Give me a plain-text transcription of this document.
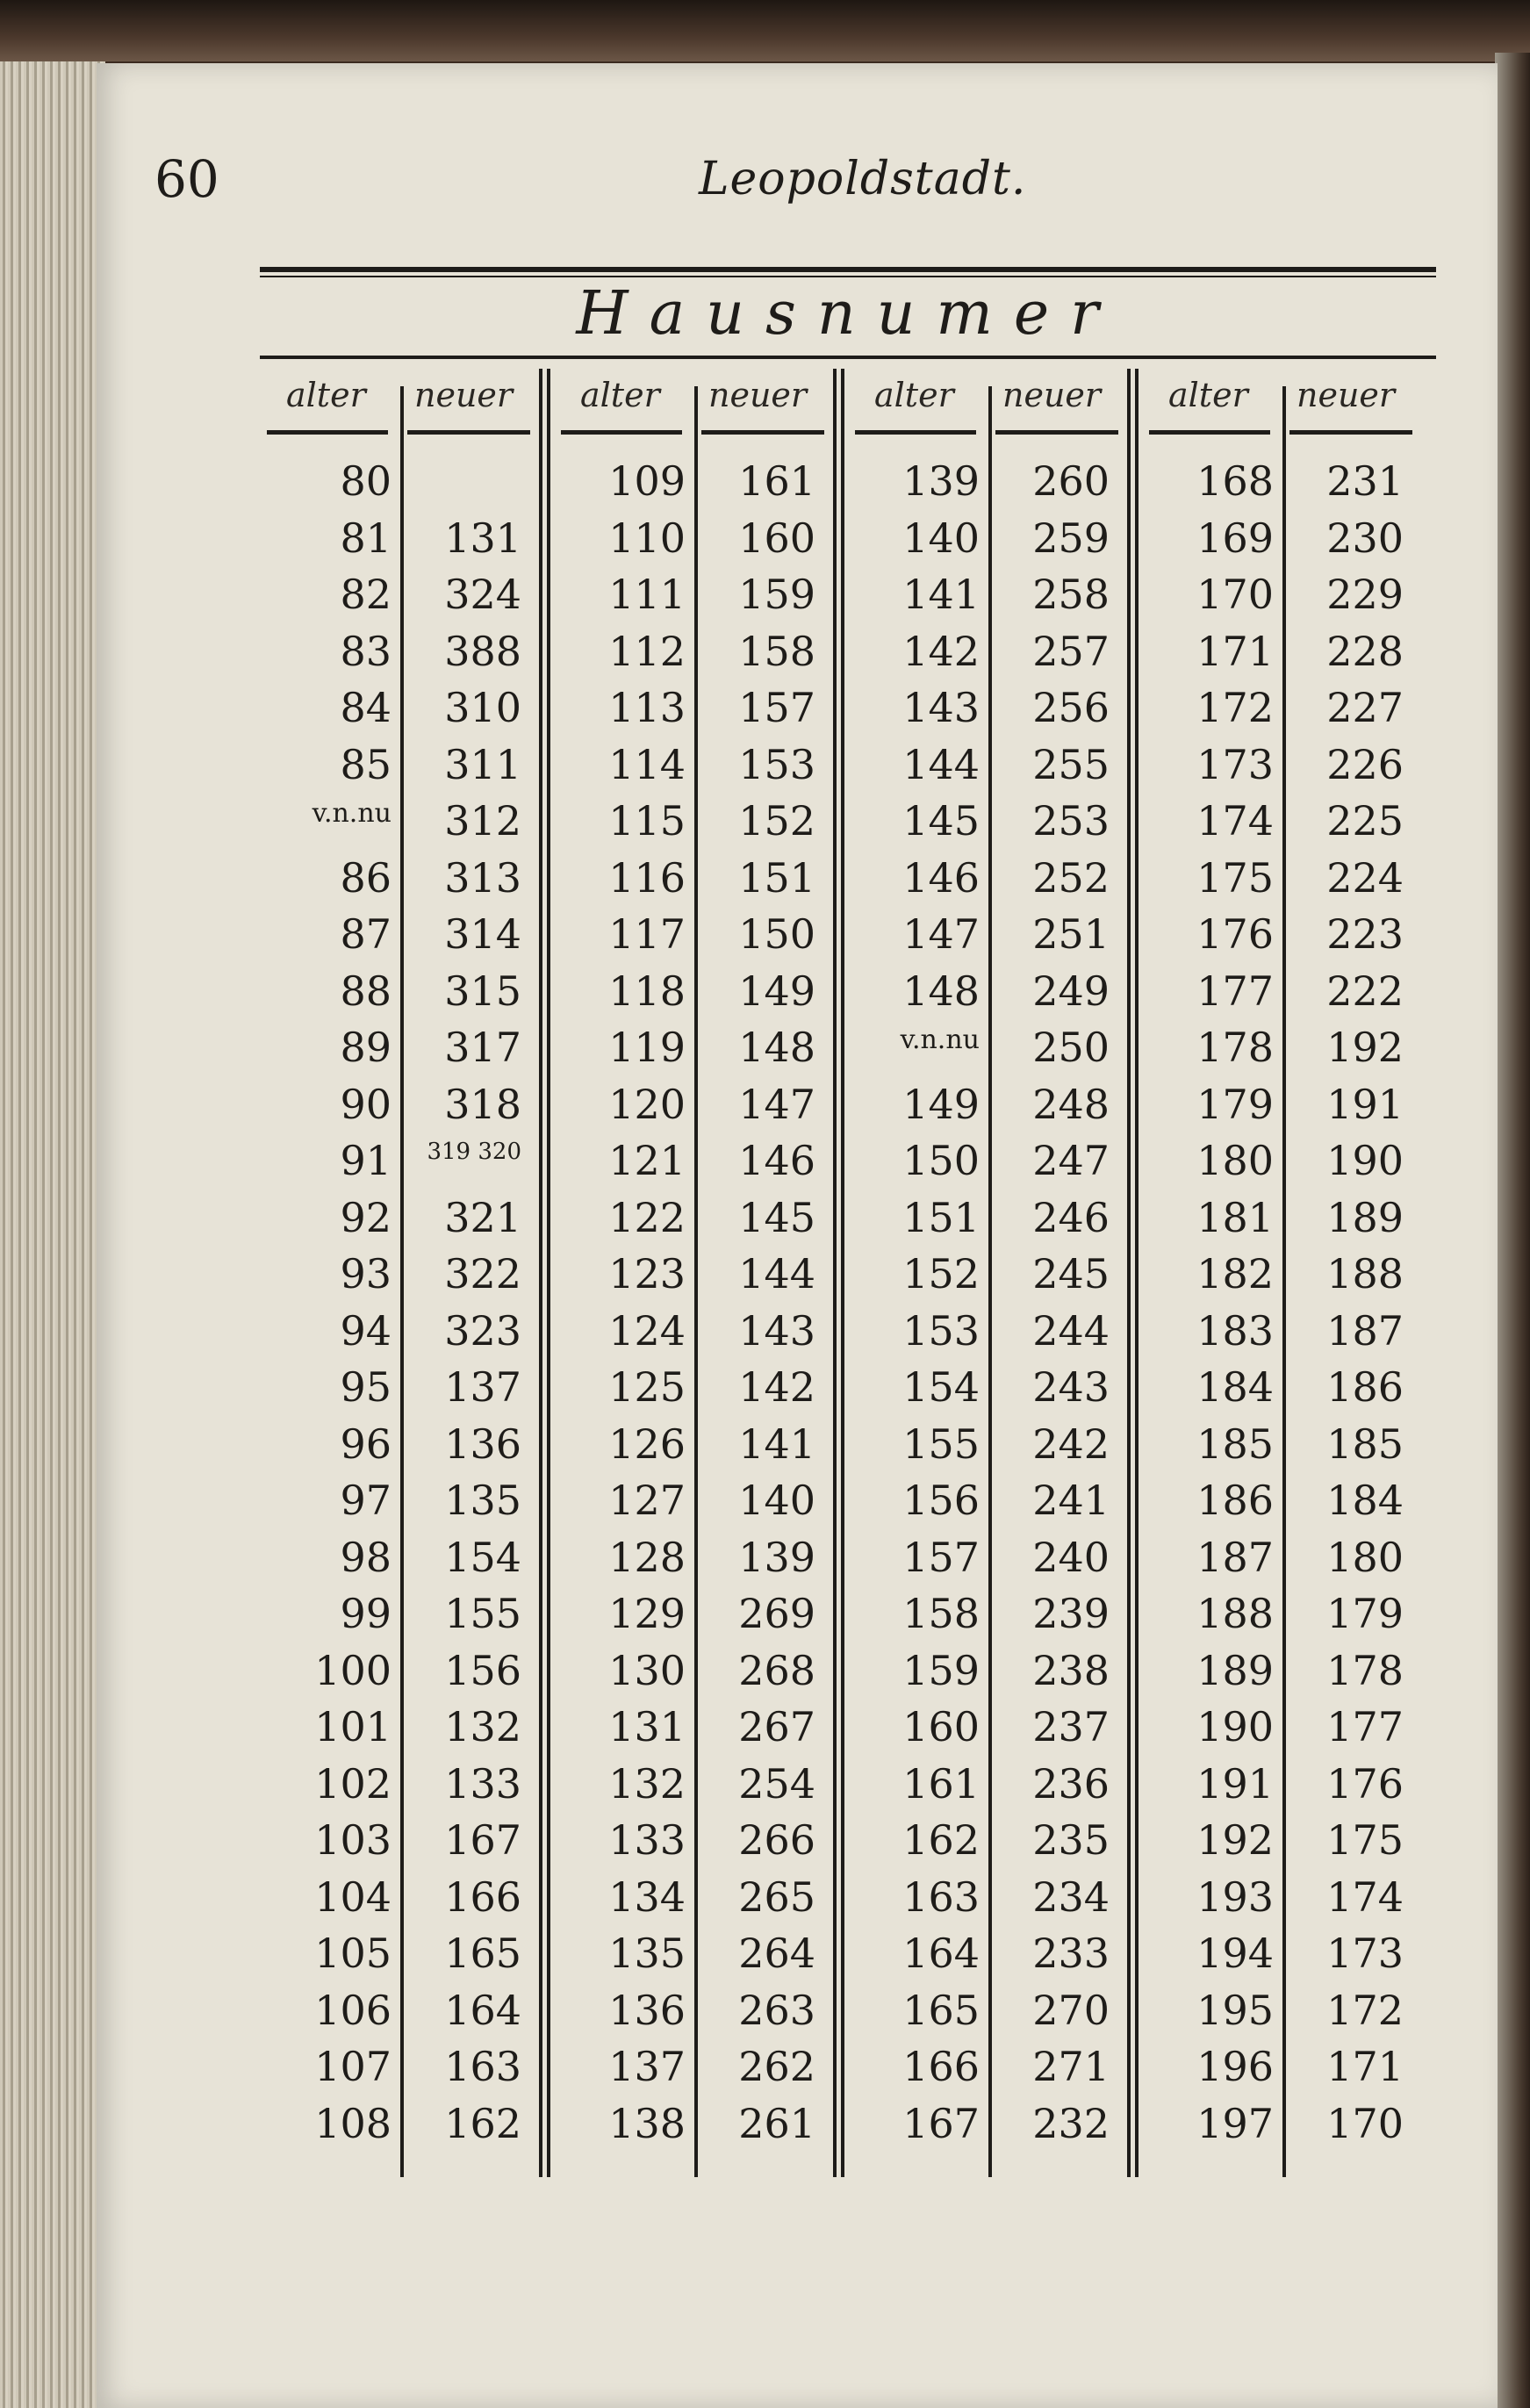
60	Leopoldstadt.
Hausnumer
alter neuer
80
81	131
82	324
83	388
84	310
85	311
v.n.nu	312
86	313
87	314
88	315
89	317
90	318
91	319 320
92	321
93	322
94	323
95	137
96	136
97	135
98	154
99	155
100	156
101	132
102	133
103	167
104	166
105	165
106	164
107	163
108	162
alter neuer
109	161
110	160
111	159
112	158
113	157
114	153
115	152
116	151
117	150
118	149
119	148
120	147
121	146
122	145
123	144
124	143
125	142
126	141
127	140
128	139
129	269
130	268
131	267
132	254
133	266
134	265
135	264
136	263
137	262
138	261
alter neuer
139	260
140	259
141	258
142	257
143	256
144	255
145	253
146	252
147	251
148	249
v.n.nu	250
149	248
150	247
151	246
152	245
153	244
154	243
155	242
156	241
157	240
158	239
159	238
160	237
161	236
162	235
163	234
164	233
165	270
166	271
167	232
alter neuer
168	231
169	230
170	229
171	228
172	227
173	226
174	225
175	224
176	223
177	222
178	192
179	191
180	190
181	189
182	188
183	187
184	186
185	185
186	184
187	180
188	179
189	178
190	177
191	176
192	175
193	174
194	173
195	172
196	171
197	170
